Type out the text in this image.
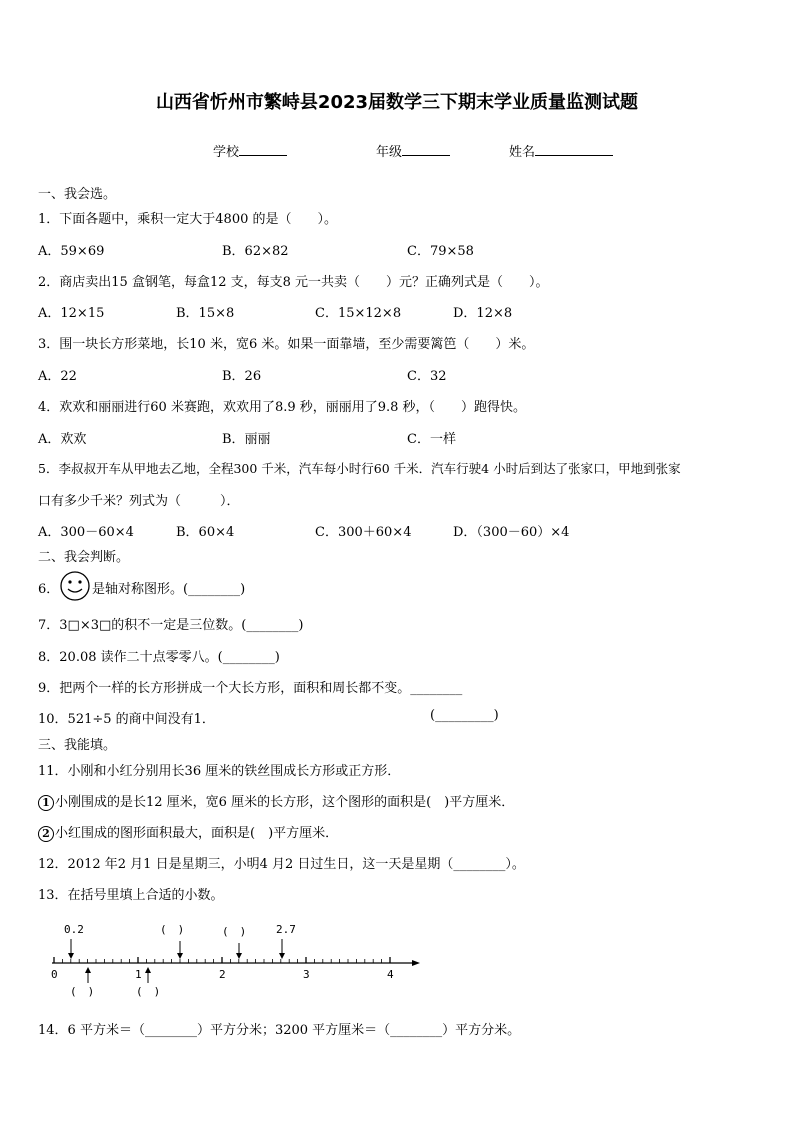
山西省忻州市繁峙县2023届数学三下期末学业质量监测试题
学校	年级	姓名
一、我会选。
1．下面各题中，乘积一定大于4800 的是（　　）。
A．59×69	B．62×82	C．79×58
2．商店卖出15 盒钢笔，每盒12 支，每支8 元一共卖（　　）元？正确列式是（　　）。
A．12×15	B．15×8	C．15×12×8	D．12×8
3．围一块长方形菜地，长10 米，宽6 米。如果一面靠墙，至少需要篱笆（　　）米。
A．22	B．26	C．32
4．欢欢和丽丽进行60 米赛跑，欢欢用了8.9 秒，丽丽用了9.8 秒，（　　）跑得快。
A．欢欢	B．丽丽	C．一样
5．李叔叔开车从甲地去乙地，全程300 千米，汽车每小时行60 千米．汽车行驶4 小时后到达了张家口，甲地到张家
口有多少千米？列式为（　　　）．
A．300－60×4	B．60×4	C．300＋60×4	D．（300－60）×4
二、我会判断。
6．	是轴对称图形。(________)
7．3□×3□的积不一定是三位数。(________)
8．20.08 读作二十点零零八。(________)
9．把两个一样的长方形拼成一个大长方形，面积和周长都不变。________
10．521÷5 的商中间没有1．	(_________)
三、我能填。
11．小刚和小红分别用长36 厘米的铁丝围成长方形或正方形．
1 小刚围成的是长12 厘米，宽6 厘米的长方形，这个图形的面积是(　)平方厘米．
2 小红围成的图形面积最大，面积是(　)平方厘米．
12．2012 年2 月1 日是星期三，小明4 月2 日过生日，这一天是星期（________）。
13．在括号里填上合适的小数。
0	1	2	3	4
0.2	(　)	(　)	2.7
(　)	(　)
14．6 平方米＝（________）平方分米；3200 平方厘米＝（________）平方分米。
